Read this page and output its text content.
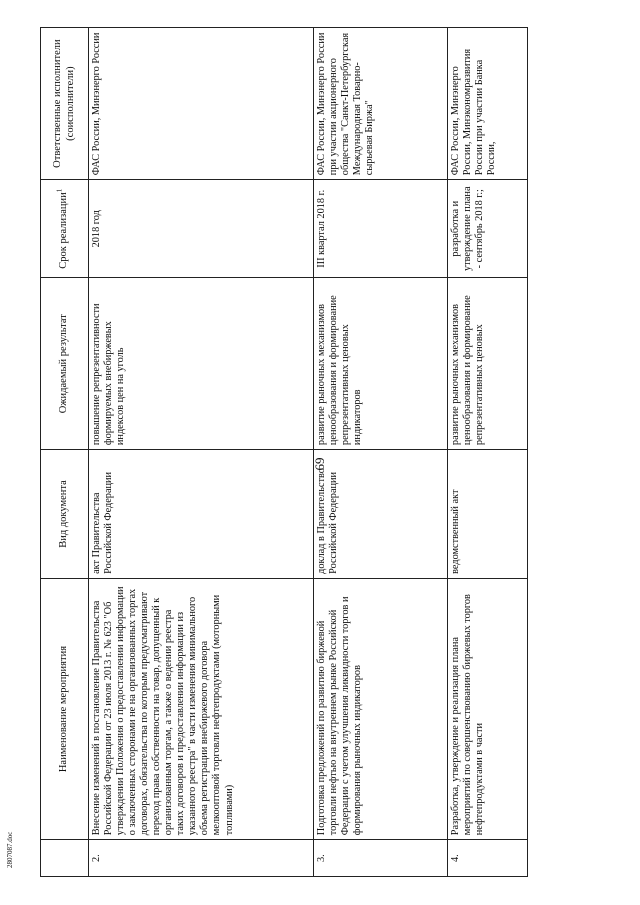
	Наименование мероприятия	Вид документа	Ожидаемый результат	Срок реализации$^1$	Ответственные исполнители (соисполнители)
2.	Внесение изменений в постановление Правительства Российской Федерации от 23 июля 2013 г. № 623 "Об утверждении Положения о предоставлении информации о заключенных сторонами не на организованных торгах договорах, обязательства по которым предусматривают переход права собственности на товар, допущенный к организованным торгам, а также о ведении реестра таких договоров и предоставлении информации из указанного реестра" в части изменения минимального объема регистрации внебиржевого договора мелкооптовой торговли нефтепродуктами (моторными топливами)	акт Правительства Российской Федерации	повышение репрезентативности формируемых внебиржевых индексов цен на уголь	2018 год	ФАС России, Минэнерго России
3.	Подготовка предложений по развитию биржевой торговли нефтью на внутреннем рынке Российской Федерации с учетом улучшения ликвидности торгов и формирования рыночных индикаторов	доклад в Правительство Российской Федерации	развитие рыночных механизмов ценообразования и формирование репрезентативных ценовых индикаторов	III квартал 2018 г.	ФАС России, Минэнерго России при участии акционерного общества "Санкт-Петербургская Международная Товарно-сырьевая Биржа"
4.	Разработка, утверждение и реализация плана мероприятий по совершенствованию биржевых торгов нефтепродуктами в части	ведомственный акт	развитие рыночных механизмов ценообразования и формирование репрезентативных ценовых	разработка и утверждение плана - сентябрь 2018 г.;	ФАС России, Минэнерго России, Минэкономразвития России при участии Банка России,
69
2807087.doc
